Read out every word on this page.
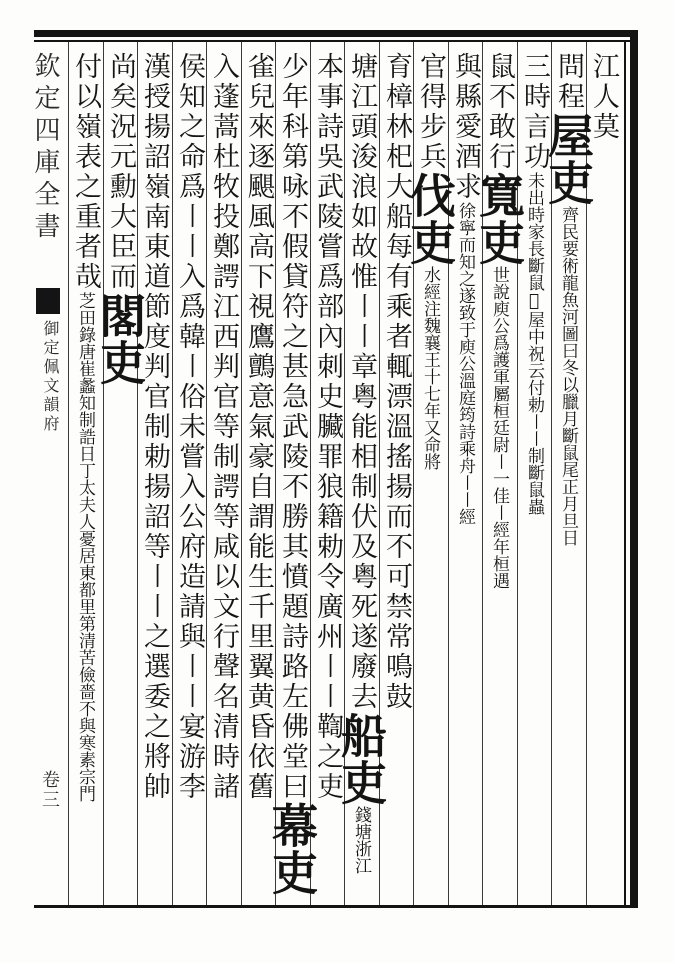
欽定四庫全書
御定佩文韻府
卷三
江人莫
問程屋吏齊民要術龍魚河圖曰冬以臘月斷鼠尾正月旦日
三時言功未出時家長斷鼠𤼵屋中祝云付勅〡〡制斷鼠蟲
鼠不敢行寬吏世說庾公爲護軍屬桓廷尉〡一佳〡經年桓遇
與縣愛酒求徐寧而知之遂致于庾公溫庭筠詩乘舟〡〡經
官得步兵伐吏水經注魏襄王十七年又命將
育樟林𣏌大船每有乘者輒漂溫搖揚而不可禁常鳴鼓
塘江頭浚浪如故惟〡〡章粤能相制伏及粤死遂廢去船吏錢塘浙江
本事詩吳武陵嘗爲部內刺史臟罪狼籍勅令廣州〡〡鞫之吏
少年科第咏不假貸符之甚急武陵不勝其憤題詩路左佛堂曰幕吏
雀兒來逐颶風高下視鷹鸇意氣豪自謂能生千里翼黄昏依舊
入蓬蒿杜牧投鄭諤江西判官等制諤等咸以文行聲名清時諸
侯知之命爲〡〡入爲韓〡俗未嘗入公府造請與〡〡宴游李
漢授揚詔嶺南東道節度判官制勅揚詔等〡〡之選委之將帥
尚矣況元勳大臣而閣吏
付以嶺表之重者哉芝田錄唐崔蠡知制誥日丁太夫人憂居東都里第清苦儉嗇不與寒素宗門
